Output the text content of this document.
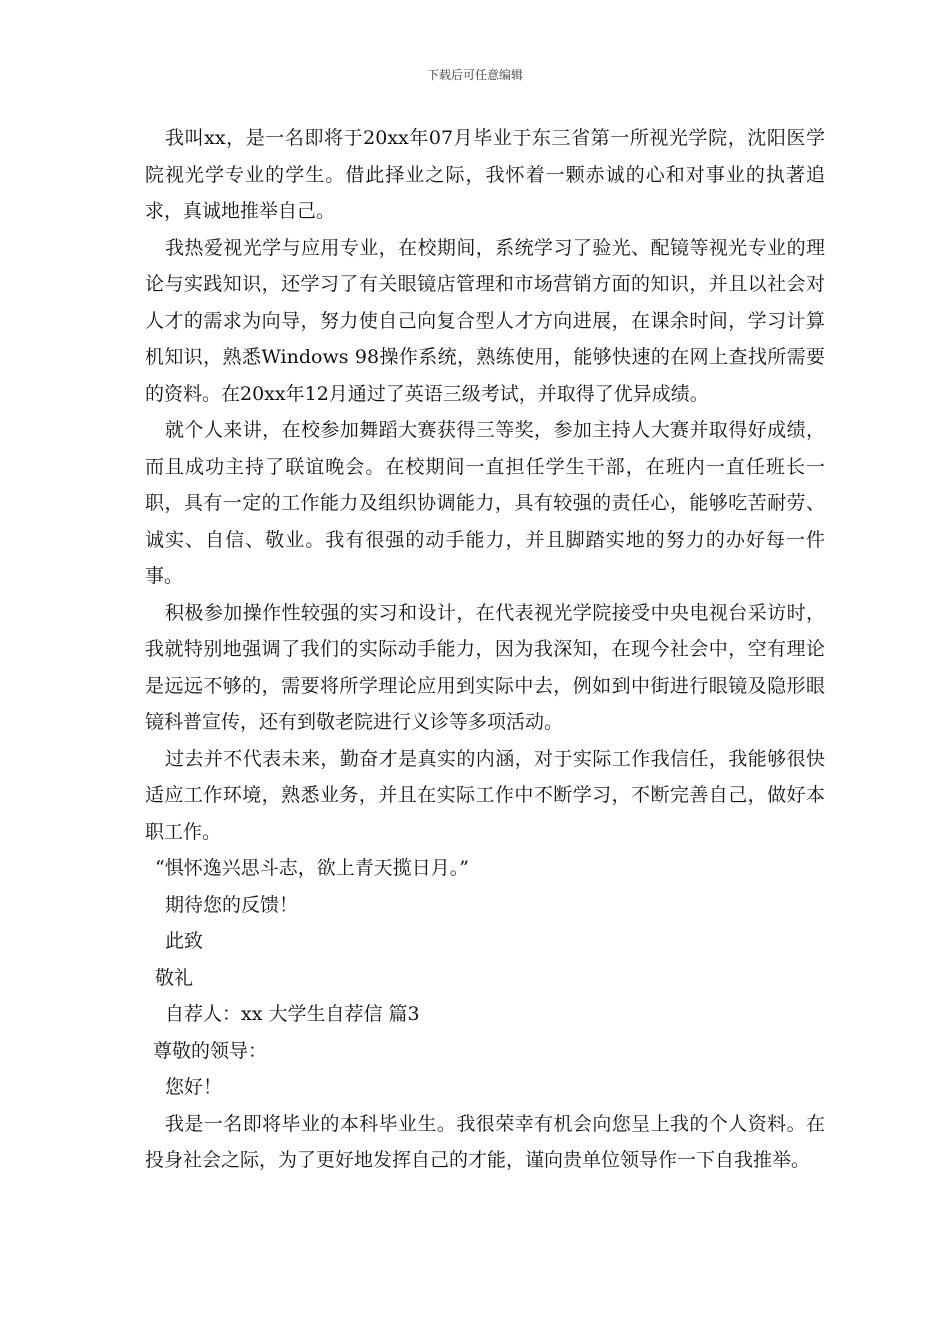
下载后可任意编辑

我叫xx，是一名即将于20xx年07月毕业于东三省第一所视光学院，沈阳医学院视光学专业的学生。借此择业之际，我怀着一颗赤诚的心和对事业的执著追求，真诚地推举自己。

我热爱视光学与应用专业，在校期间，系统学习了验光、配镜等视光专业的理论与实践知识，还学习了有关眼镜店管理和市场营销方面的知识，并且以社会对人才的需求为向导，努力使自己向复合型人才方向进展，在课余时间，学习计算机知识，熟悉Windows 98操作系统，熟练使用，能够快速的在网上查找所需要的资料。在20xx年12月通过了英语三级考试，并取得了优异成绩。

就个人来讲，在校参加舞蹈大赛获得三等奖，参加主持人大赛并取得好成绩，而且成功主持了联谊晚会。在校期间一直担任学生干部，在班内一直任班长一职，具有一定的工作能力及组织协调能力，具有较强的责任心，能够吃苦耐劳、诚实、自信、敬业。我有很强的动手能力，并且脚踏实地的努力的办好每一件事。

积极参加操作性较强的实习和设计，在代表视光学院接受中央电视台采访时，我就特别地强调了我们的实际动手能力，因为我深知，在现今社会中，空有理论是远远不够的，需要将所学理论应用到实际中去，例如到中街进行眼镜及隐形眼镜科普宣传，还有到敬老院进行义诊等多项活动。

过去并不代表未来，勤奋才是真实的内涵，对于实际工作我信任，我能够很快适应工作环境，熟悉业务，并且在实际工作中不断学习，不断完善自己，做好本职工作。

“惧怀逸兴思斗志，欲上青天揽日月。”

期待您的反馈！

此致

敬礼

自荐人：xx 大学生自荐信 篇3

尊敬的领导：

您好！

我是一名即将毕业的本科毕业生。我很荣幸有机会向您呈上我的个人资料。在投身社会之际，为了更好地发挥自己的才能，谨向贵单位领导作一下自我推举。
